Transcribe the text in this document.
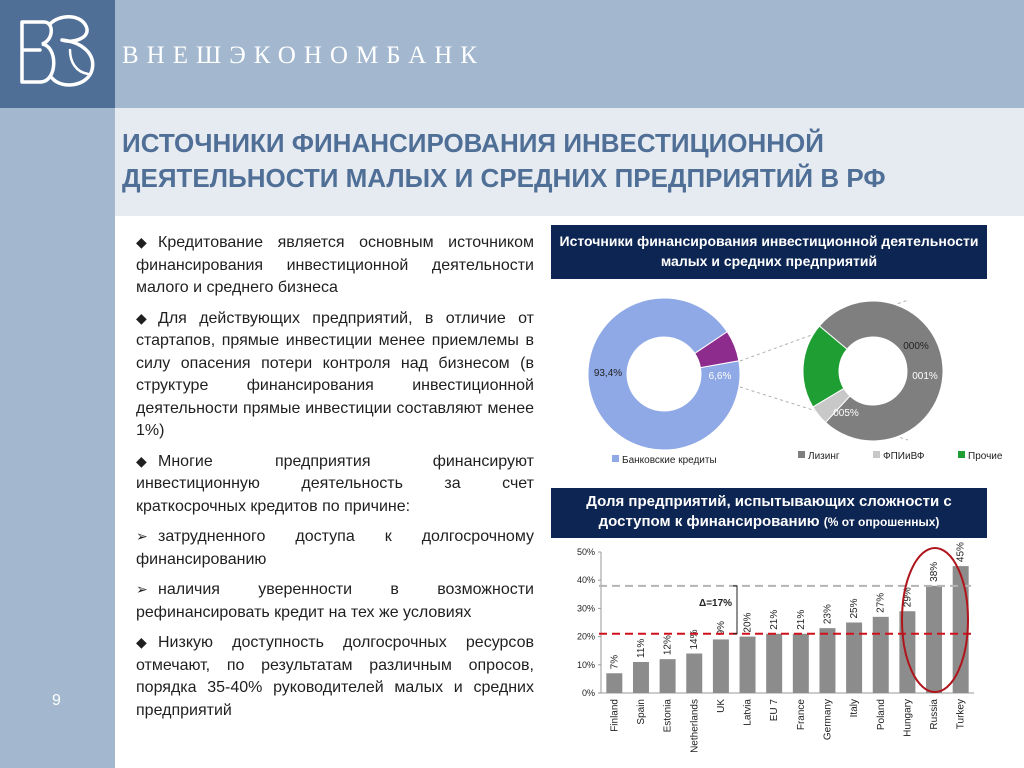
ВНЕШЭКОНОМБАНК
ИСТОЧНИКИ ФИНАНСИРОВАНИЯ ИНВЕСТИЦИОННОЙ
ДЕЯТЕЛЬНОСТИ МАЛЫХ И СРЕДНИХ ПРЕДПРИЯТИЙ В РФ
9
◆ Кредитование является основным источником финансирования инвестиционной деятельности малого и среднего бизнеса
◆ Для действующих предприятий, в отличие от стартапов, прямые инвестиции менее приемлемы в силу опасения потери контроля над бизнесом (в структуре финансирования инвестиционной деятельности прямые инвестиции составляют менее 1%)
◆ Многие предприятия финансируют инвестиционную деятельность за счет краткосрочных кредитов по причине:
➢ затрудненного доступа к долгосрочному финансированию
➢ наличия уверенности в возможности рефинансировать кредит на тех же условиях
◆ Низкую доступность долгосрочных ресурсов отмечают, по результатам различным опросов, порядка 35-40% руководителей малых и средних предприятий
Источники финансирования инвестиционной деятельности малых и средних предприятий
Доля предприятий, испытывающих сложности с доступом к финансированию (% от опрошенных)
93,4%	6,6%
005%
000%
001%
Банковские кредиты	Лизинг	ФПИиВФ	Прочие
0%
10%
20%
30%
40%
50%
7%
Finland
11%
Spain
12%
Estonia
14%
Netherlands
9%
UK
20%
Latvia
21%
EU 7
21%
France
23%
Germany
25%
Italy
27%
Poland
29%
Hungary
38%
Russia
45%
Turkey
Δ=17%
